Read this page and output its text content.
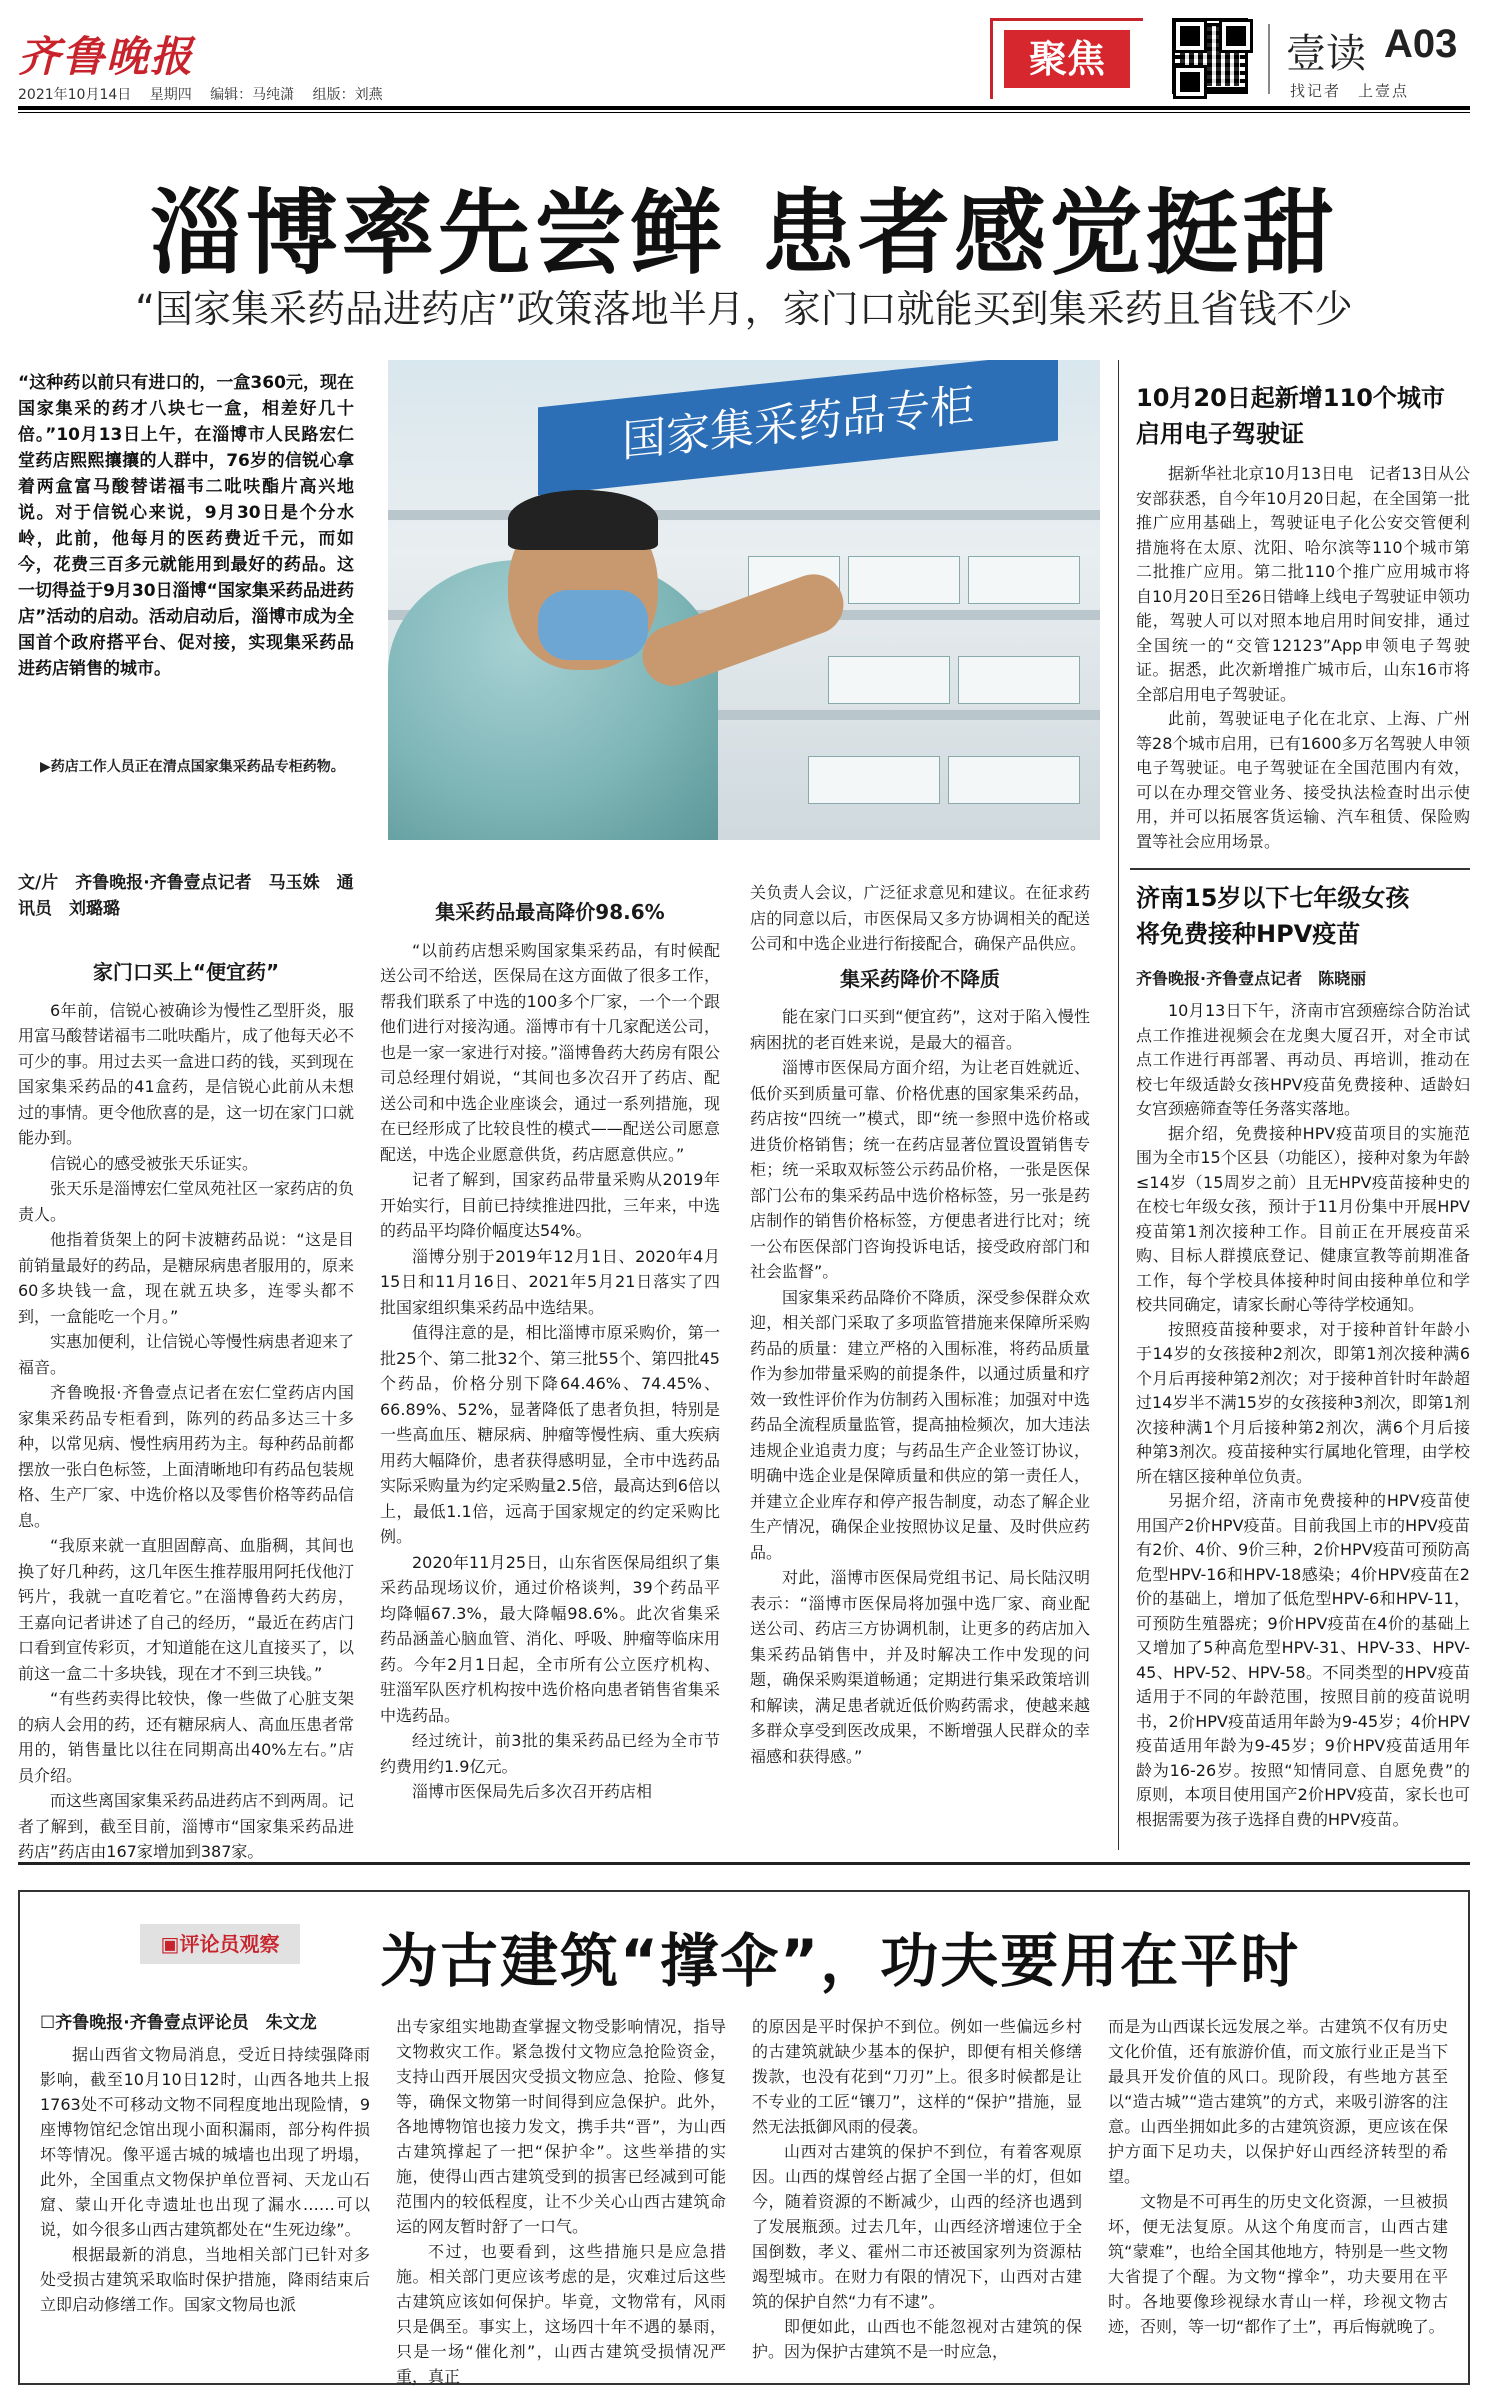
齐鲁晚报
2021年10月14日 星期四 编辑：马纯潇 组版：刘燕
聚焦	壹读 A03
找记者　上壹点
淄博率先尝鲜 患者感觉挺甜
“国家集采药品进药店”政策落地半月，家门口就能买到集采药且省钱不少
“这种药以前只有进口的，一盒360元，现在国家集采的药才八块七一盒，相差好几十倍。”10月13日上午，在淄博市人民路宏仁堂药店熙熙攘攘的人群中，76岁的信锐心拿着两盒富马酸替诺福韦二吡呋酯片高兴地说。对于信锐心来说，9月30日是个分水岭，此前，他每月的医药费近千元，而如今，花费三百多元就能用到最好的药品。这一切得益于9月30日淄博“国家集采药品进药店”活动的启动。活动启动后，淄博市成为全国首个政府搭平台、促对接，实现集采药品进药店销售的城市。
▶药店工作人员正在清点国家集采药品专柜药物。
国家集采药品专柜
文/片　齐鲁晚报·齐鲁壹点记者　马玉姝　通讯员　刘璐璐
家门口买上“便宜药”

6年前，信锐心被确诊为慢性乙型肝炎，服用富马酸替诺福韦二吡呋酯片，成了他每天必不可少的事。用过去买一盒进口药的钱，买到现在国家集采药品的41盒药，是信锐心此前从未想过的事情。更令他欣喜的是，这一切在家门口就能办到。

信锐心的感受被张天乐证实。

张天乐是淄博宏仁堂凤苑社区一家药店的负责人。

他指着货架上的阿卡波糖药品说：“这是目前销量最好的药品，是糖尿病患者服用的，原来60多块钱一盒，现在就五块多，连零头都不到，一盒能吃一个月。”

实惠加便利，让信锐心等慢性病患者迎来了福音。

齐鲁晚报·齐鲁壹点记者在宏仁堂药店内国家集采药品专柜看到，陈列的药品多达三十多种，以常见病、慢性病用药为主。每种药品前都摆放一张白色标签，上面清晰地印有药品包装规格、生产厂家、中选价格以及零售价格等药品信息。

“我原来就一直胆固醇高、血脂稠，其间也换了好几种药，这几年医生推荐服用阿托伐他汀钙片，我就一直吃着它。”在淄博鲁药大药房，王嘉向记者讲述了自己的经历，“最近在药店门口看到宣传彩页，才知道能在这儿直接买了，以前这一盒二十多块钱，现在才不到三块钱。”

“有些药卖得比较快，像一些做了心脏支架的病人会用的药，还有糖尿病人、高血压患者常用的，销售量比以往在同期高出40%左右。”店员介绍。

而这些离国家集采药品进药店不到两周。记者了解到，截至目前，淄博市“国家集采药品进药店”药店由167家增加到387家。

集采药品最高降价98.6%

“以前药店想采购国家集采药品，有时候配送公司不给送，医保局在这方面做了很多工作，帮我们联系了中选的100多个厂家，一个一个跟他们进行对接沟通。淄博市有十几家配送公司，也是一家一家进行对接。”淄博鲁药大药房有限公司总经理付娟说，“其间也多次召开了药店、配送公司和中选企业座谈会，通过一系列措施，现在已经形成了比较良性的模式——配送公司愿意配送，中选企业愿意供货，药店愿意供应。”

记者了解到，国家药品带量采购从2019年开始实行，目前已持续推进四批，三年来，中选的药品平均降价幅度达54%。

淄博分别于2019年12月1日、2020年4月15日和11月16日、2021年5月21日落实了四批国家组织集采药品中选结果。

值得注意的是，相比淄博市原采购价，第一批25个、第二批32个、第三批55个、第四批45个药品，价格分别下降64.46%、74.45%、66.89%、52%，显著降低了患者负担，特别是一些高血压、糖尿病、肿瘤等慢性病、重大疾病用药大幅降价，患者获得感明显，全市中选药品实际采购量为约定采购量2.5倍，最高达到6倍以上，最低1.1倍，远高于国家规定的约定采购比例。

2020年11月25日，山东省医保局组织了集采药品现场议价，通过价格谈判，39个药品平均降幅67.3%，最大降幅98.6%。此次省集采药品涵盖心脑血管、消化、呼吸、肿瘤等临床用药。今年2月1日起，全市所有公立医疗机构、驻淄军队医疗机构按中选价格向患者销售省集采中选药品。

经过统计，前3批的集采药品已经为全市节约费用约1.9亿元。

淄博市医保局先后多次召开药店相

关负责人会议，广泛征求意见和建议。在征求药店的同意以后，市医保局又多方协调相关的配送公司和中选企业进行衔接配合，确保产品供应。

集采药降价不降质

能在家门口买到“便宜药”，这对于陷入慢性病困扰的老百姓来说，是最大的福音。

淄博市医保局方面介绍，为让老百姓就近、低价买到质量可靠、价格优惠的国家集采药品，药店按“四统一”模式，即“统一参照中选价格或进货价格销售；统一在药店显著位置设置销售专柜；统一采取双标签公示药品价格，一张是医保部门公布的集采药品中选价格标签，另一张是药店制作的销售价格标签，方便患者进行比对；统一公布医保部门咨询投诉电话，接受政府部门和社会监督”。

国家集采药品降价不降质，深受参保群众欢迎，相关部门采取了多项监管措施来保障所采购药品的质量：建立严格的入围标准，将药品质量作为参加带量采购的前提条件，以通过质量和疗效一致性评价作为仿制药入围标准；加强对中选药品全流程质量监管，提高抽检频次，加大违法违规企业追责力度；与药品生产企业签订协议，明确中选企业是保障质量和供应的第一责任人，并建立企业库存和停产报告制度，动态了解企业生产情况，确保企业按照协议足量、及时供应药品。

对此，淄博市医保局党组书记、局长陆汉明表示：“淄博市医保局将加强中选厂家、商业配送公司、药店三方协调机制，让更多的药店加入集采药品销售中，并及时解决工作中发现的问题，确保采购渠道畅通；定期进行集采政策培训和解读，满足患者就近低价购药需求，使越来越多群众享受到医改成果，不断增强人民群众的幸福感和获得感。”

10月20日起新增110个城市
启用电子驾驶证

据新华社北京10月13日电　记者13日从公安部获悉，自今年10月20日起，在全国第一批推广应用基础上，驾驶证电子化公安交管便利措施将在太原、沈阳、哈尔滨等110个城市第二批推广应用。第二批110个推广应用城市将自10月20日至26日错峰上线电子驾驶证申领功能，驾驶人可以对照本地启用时间安排，通过全国统一的“交管12123”App申领电子驾驶证。据悉，此次新增推广城市后，山东16市将全部启用电子驾驶证。

此前，驾驶证电子化在北京、上海、广州等28个城市启用，已有1600多万名驾驶人申领电子驾驶证。电子驾驶证在全国范围内有效，可以在办理交管业务、接受执法检查时出示使用，并可以拓展客货运输、汽车租赁、保险购置等社会应用场景。

济南15岁以下七年级女孩
将免费接种HPV疫苗
齐鲁晚报·齐鲁壹点记者　陈晓丽

10月13日下午，济南市宫颈癌综合防治试点工作推进视频会在龙奥大厦召开，对全市试点工作进行再部署、再动员、再培训，推动在校七年级适龄女孩HPV疫苗免费接种、适龄妇女宫颈癌筛查等任务落实落地。

据介绍，免费接种HPV疫苗项目的实施范围为全市15个区县（功能区），接种对象为年龄≤14岁（15周岁之前）且无HPV疫苗接种史的在校七年级女孩，预计于11月份集中开展HPV疫苗第1剂次接种工作。目前正在开展疫苗采购、目标人群摸底登记、健康宣教等前期准备工作，每个学校具体接种时间由接种单位和学校共同确定，请家长耐心等待学校通知。

按照疫苗接种要求，对于接种首针年龄小于14岁的女孩接种2剂次，即第1剂次接种满6个月后再接种第2剂次；对于接种首针时年龄超过14岁半不满15岁的女孩接种3剂次，即第1剂次接种满1个月后接种第2剂次，满6个月后接种第3剂次。疫苗接种实行属地化管理，由学校所在辖区接种单位负责。

另据介绍，济南市免费接种的HPV疫苗使用国产2价HPV疫苗。目前我国上市的HPV疫苗有2价、4价、9价三种，2价HPV疫苗可预防高危型HPV-16和HPV-18感染；4价HPV疫苗在2价的基础上，增加了低危型HPV-6和HPV-11，可预防生殖器疣；9价HPV疫苗在4价的基础上又增加了5种高危型HPV-31、HPV-33、HPV-45、HPV-52、HPV-58。不同类型的HPV疫苗适用于不同的年龄范围，按照目前的疫苗说明书，2价HPV疫苗适用年龄为9-45岁；4价HPV疫苗适用年龄为9-45岁；9价HPV疫苗适用年龄为16-26岁。按照“知情同意、自愿免费”的原则，本项目使用国产2价HPV疫苗，家长也可根据需要为孩子选择自费的HPV疫苗。

▣评论员观察	为古建筑“撑伞”，功夫要用在平时
☐齐鲁晚报·齐鲁壹点评论员　朱文龙

据山西省文物局消息，受近日持续强降雨影响，截至10月10日12时，山西各地共上报1763处不可移动文物不同程度地出现险情，9座博物馆纪念馆出现小面积漏雨，部分构件损坏等情况。像平遥古城的城墙也出现了坍塌，此外，全国重点文物保护单位晋祠、天龙山石窟、蒙山开化寺遗址也出现了漏水……可以说，如今很多山西古建筑都处在“生死边缘”。

根据最新的消息，当地相关部门已针对多处受损古建筑采取临时保护措施，降雨结束后立即启动修缮工作。国家文物局也派

出专家组实地勘查掌握文物受影响情况，指导文物救灾工作。紧急拨付文物应急抢险资金，支持山西开展因灾受损文物应急、抢险、修复等，确保文物第一时间得到应急保护。此外，各地博物馆也接力发文，携手共“晋”，为山西古建筑撑起了一把“保护伞”。这些举措的实施，使得山西古建筑受到的损害已经减到可能范围内的较低程度，让不少关心山西古建筑命运的网友暂时舒了一口气。

不过，也要看到，这些措施只是应急措施。相关部门更应该考虑的是，灾难过后这些古建筑应该如何保护。毕竟，文物常有，风雨只是偶至。事实上，这场四十年不遇的暴雨，只是一场“催化剂”，山西古建筑受损情况严重，真正

的原因是平时保护不到位。例如一些偏远乡村的古建筑就缺少基本的保护，即便有相关修缮拨款，也没有花到“刀刃”上。很多时候都是让不专业的工匠“镶刀”，这样的“保护”措施，显然无法抵御风雨的侵袭。

山西对古建筑的保护不到位，有着客观原因。山西的煤曾经占据了全国一半的灯，但如今，随着资源的不断减少，山西的经济也遇到了发展瓶颈。过去几年，山西经济增速位于全国倒数，孝义、霍州二市还被国家列为资源枯竭型城市。在财力有限的情况下，山西对古建筑的保护自然“力有不逮”。

即便如此，山西也不能忽视对古建筑的保护。因为保护古建筑不是一时应急，

而是为山西谋长远发展之举。古建筑不仅有历史文化价值，还有旅游价值，而文旅行业正是当下最具开发价值的风口。现阶段，有些地方甚至以“造古城”“造古建筑”的方式，来吸引游客的注意。山西坐拥如此多的古建筑资源，更应该在保护方面下足功夫，以保护好山西经济转型的希望。

文物是不可再生的历史文化资源，一旦被损坏，便无法复原。从这个角度而言，山西古建筑“蒙难”，也给全国其他地方，特别是一些文物大省提了个醒。为文物“撑伞”，功夫要用在平时。各地要像珍视绿水青山一样，珍视文物古迹，否则，等一切“都作了土”，再后悔就晚了。
